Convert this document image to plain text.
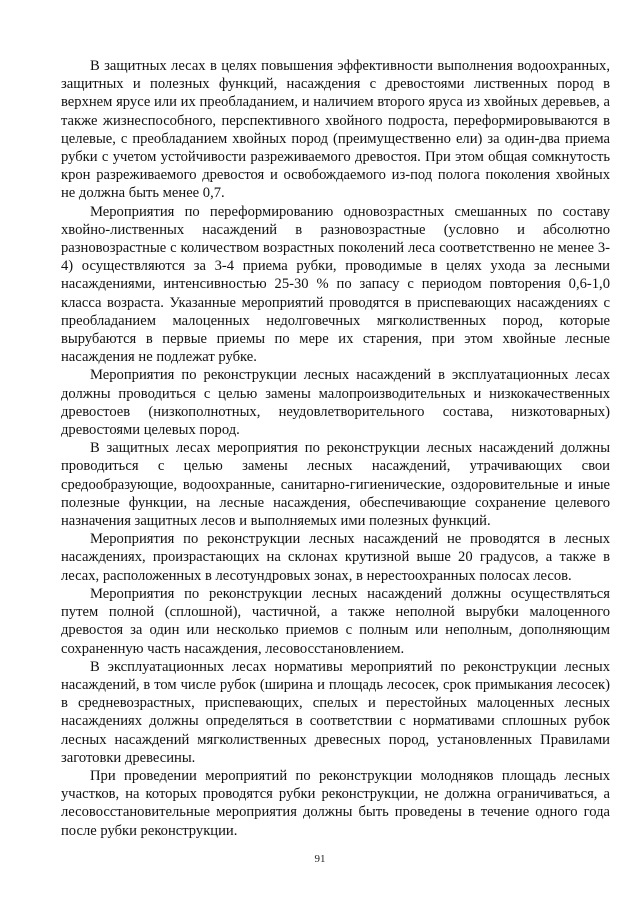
В защитных лесах в целях повышения эффективности выполнения водоохранных, защитных и полезных функций, насаждения с древостоями лиственных пород в верхнем ярусе или их преобладанием, и наличием второго яруса из хвойных деревьев, а также жизнеспособного, перспективного хвойного подроста, переформировываются в целевые, с преобладанием хвойных пород (преимущественно ели) за один-два приема рубки с учетом устойчивости разреживаемого древостоя. При этом общая сомкнутость крон разреживаемого древостоя и освобождаемого из-под полога поколения хвойных не должна быть менее 0,7.

Мероприятия по переформированию одновозрастных смешанных по составу хвойно-лиственных насаждений в разновозрастные (условно и абсолютно разновозрастные с количеством возрастных поколений леса соответственно не менее 3-4) осуществляются за 3-4 приема рубки, проводимые в целях ухода за лесными насаждениями, интенсивностью 25-30 % по запасу с периодом повторения 0,6-1,0 класса возраста. Указанные мероприятий проводятся в приспевающих насаждениях с преобладанием малоценных недолговечных мягколиственных пород, которые вырубаются в первые приемы по мере их старения, при этом хвойные лесные насаждения не подлежат рубке.

Мероприятия по реконструкции лесных насаждений в эксплуатационных лесах должны проводиться с целью замены малопроизводительных и низкокачественных древостоев (низкополнотных, неудовлетворительного состава, низкотоварных) древостоями целевых пород.

В защитных лесах мероприятия по реконструкции лесных насаждений должны проводиться с целью замены лесных насаждений, утрачивающих свои средообразующие, водоохранные, санитарно-гигиенические, оздоровительные и иные полезные функции, на лесные насаждения, обеспечивающие сохранение целевого назначения защитных лесов и выполняемых ими полезных функций.

Мероприятия по реконструкции лесных насаждений не проводятся в лесных насаждениях, произрастающих на склонах крутизной выше 20 градусов, а также в лесах, расположенных в лесотундровых зонах, в нерестоохранных полосах лесов.

Мероприятия по реконструкции лесных насаждений должны осуществляться путем полной (сплошной), частичной, а также неполной вырубки малоценного древостоя за один или несколько приемов с полным или неполным, дополняющим сохраненную часть насаждения, лесовосстановлением.

В эксплуатационных лесах нормативы мероприятий по реконструкции лесных насаждений, в том числе рубок (ширина и площадь лесосек, срок примыкания лесосек) в средневозрастных, приспевающих, спелых и перестойных малоценных лесных насаждениях должны определяться в соответствии с нормативами сплошных рубок лесных насаждений мягколиственных древесных пород, установленных Правилами заготовки древесины.

При проведении мероприятий по реконструкции молодняков площадь лесных участков, на которых проводятся рубки реконструкции, не должна ограничиваться, а лесовосстановительные мероприятия должны быть проведены в течение одного года после рубки реконструкции.

91
